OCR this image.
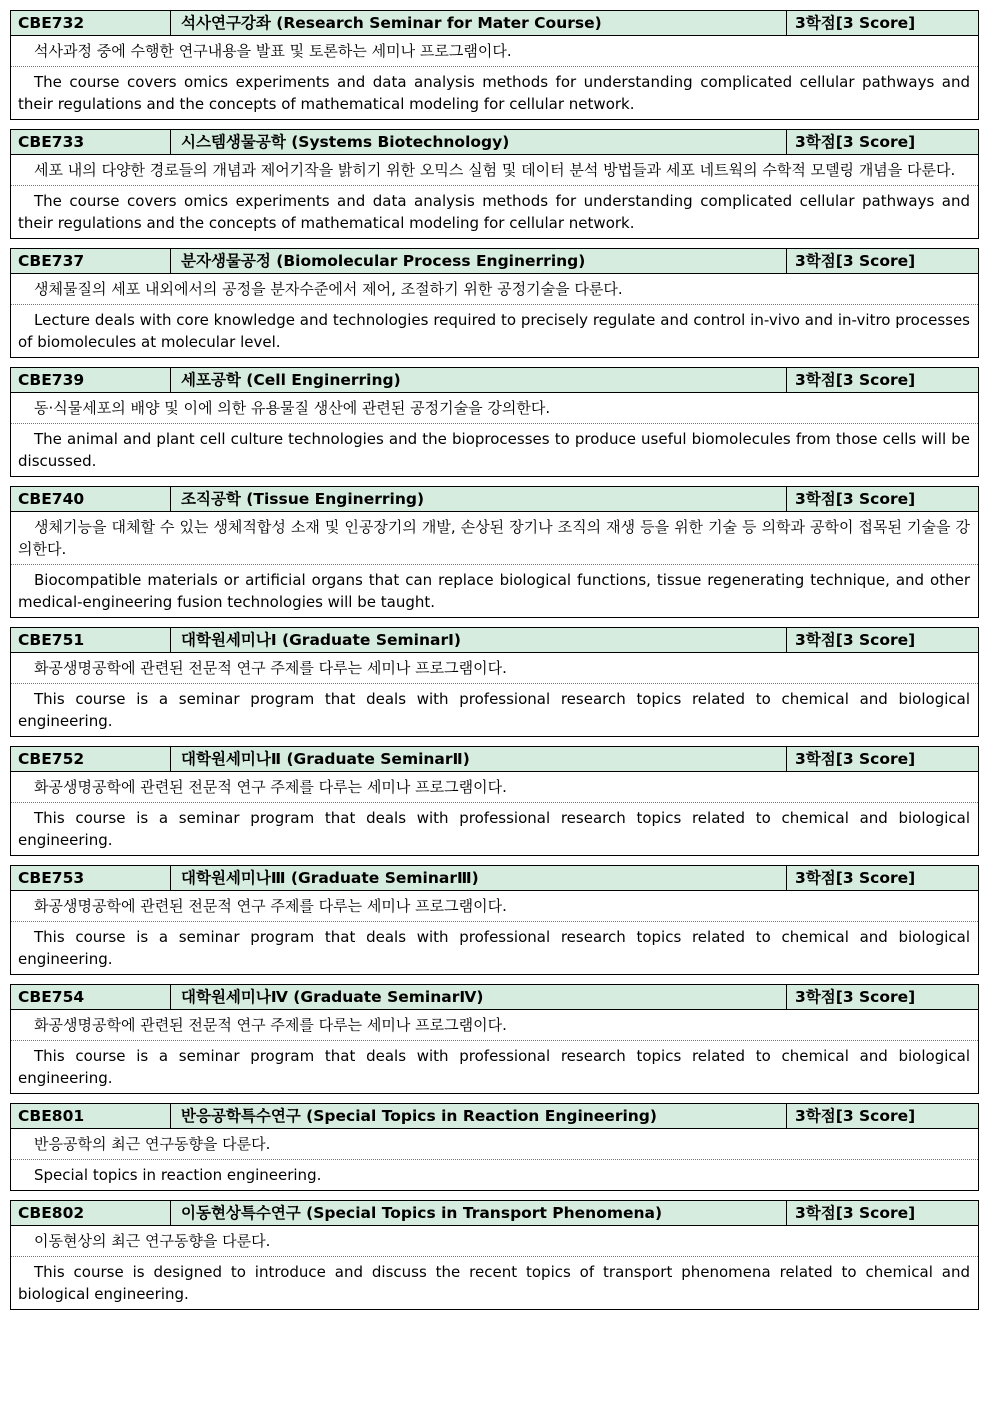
CBE732	석사연구강좌 (Research Seminar for Mater Course)	3학점[3 Score]
석사과정 중에 수행한 연구내용을 발표 및 토론하는 세미나 프로그램이다.
The course covers omics experiments and data analysis methods for understanding complicated cellular pathways and their regulations and the concepts of mathematical modeling for cellular network.
CBE733	시스템생물공학 (Systems Biotechnology)	3학점[3 Score]
세포 내의 다양한 경로들의 개념과 제어기작을 밝히기 위한 오믹스 실험 및 데이터 분석 방법들과 세포 네트웍의 수학적 모델링 개념을 다룬다.
The course covers omics experiments and data analysis methods for understanding complicated cellular pathways and their regulations and the concepts of mathematical modeling for cellular network.
CBE737	분자생물공정 (Biomolecular Process Enginerring)	3학점[3 Score]
생체물질의 세포 내외에서의 공정을 분자수준에서 제어, 조절하기 위한 공정기술을 다룬다.
Lecture deals with core knowledge and technologies required to precisely regulate and control in-vivo and in-vitro processes of biomolecules at molecular level.
CBE739	세포공학 (Cell Enginerring)	3학점[3 Score]
동·식물세포의 배양 및 이에 의한 유용물질 생산에 관련된 공정기술을 강의한다.
The animal and plant cell culture technologies and the bioprocesses to produce useful biomolecules from those cells will be discussed.
CBE740	조직공학 (Tissue Enginerring)	3학점[3 Score]
생체기능을 대체할 수 있는 생체적합성 소재 및 인공장기의 개발, 손상된 장기나 조직의 재생 등을 위한 기술 등 의학과 공학이 접목된 기술을 강의한다.
Biocompatible materials or artificial organs that can replace biological functions, tissue regenerating technique, and other medical-engineering fusion technologies will be taught.
CBE751	대학원세미나Ⅰ (Graduate SeminarⅠ)	3학점[3 Score]
화공생명공학에 관련된 전문적 연구 주제를 다루는 세미나 프로그램이다.
This course is a seminar program that deals with professional research topics related to chemical and biological engineering.
CBE752	대학원세미나Ⅱ (Graduate SeminarⅡ)	3학점[3 Score]
화공생명공학에 관련된 전문적 연구 주제를 다루는 세미나 프로그램이다.
This course is a seminar program that deals with professional research topics related to chemical and biological engineering.
CBE753	대학원세미나Ⅲ (Graduate SeminarⅢ)	3학점[3 Score]
화공생명공학에 관련된 전문적 연구 주제를 다루는 세미나 프로그램이다.
This course is a seminar program that deals with professional research topics related to chemical and biological engineering.
CBE754	대학원세미나Ⅳ (Graduate SeminarⅣ)	3학점[3 Score]
화공생명공학에 관련된 전문적 연구 주제를 다루는 세미나 프로그램이다.
This course is a seminar program that deals with professional research topics related to chemical and biological engineering.
CBE801	반응공학특수연구 (Special Topics in Reaction Engineering)	3학점[3 Score]
반응공학의 최근 연구동향을 다룬다.
Special topics in reaction engineering.
CBE802	이동현상특수연구 (Special Topics in Transport Phenomena)	3학점[3 Score]
이동현상의 최근 연구동향을 다룬다.
This course is designed to introduce and discuss the recent topics of transport phenomena related to chemical and biological engineering.
